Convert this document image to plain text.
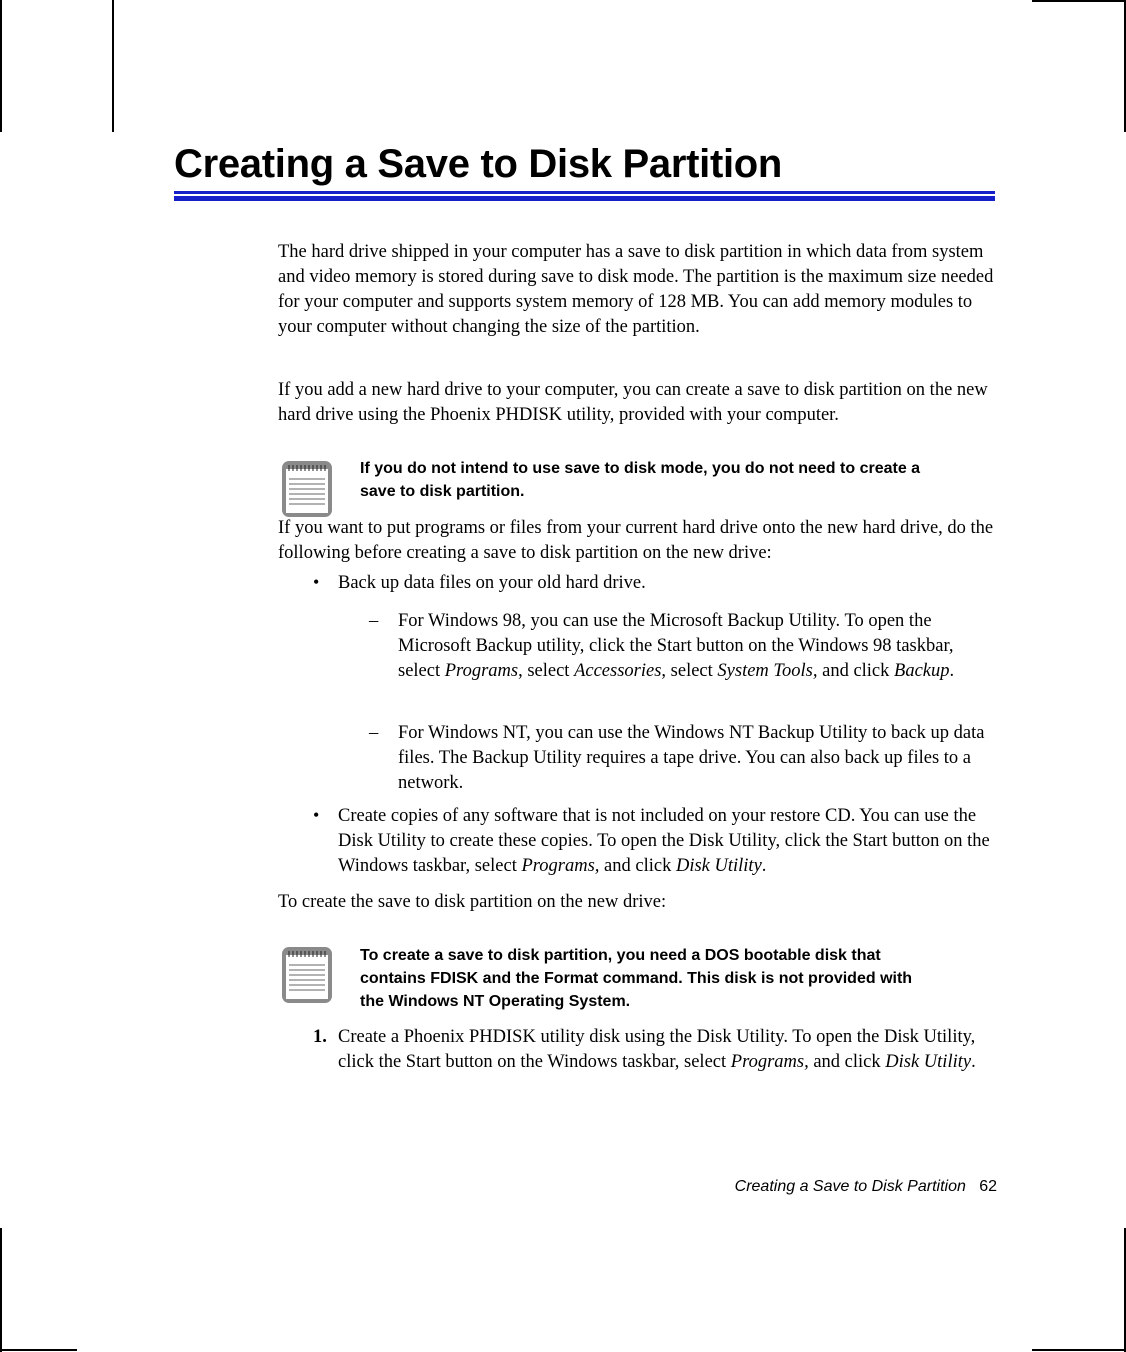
Creating a Save to Disk Partition

The hard drive shipped in your computer has a save to disk partition in which data from system and video memory is stored during save to disk mode. The partition is the maximum size needed for your computer and supports system memory of 128 MB. You can add memory modules to your computer without changing the size of the partition.

If you add a new hard drive to your computer, you can create a save to disk partition on the new hard drive using the Phoenix PHDISK utility, provided with your computer.

If you do not intend to use save to disk mode, you do not need to create a save to disk partition.

If you want to put programs or files from your current hard drive onto the new hard drive, do the following before creating a save to disk partition on the new drive:

• Back up data files on your old hard drive.

– For Windows 98, you can use the Microsoft Backup Utility. To open the Microsoft Backup utility, click the Start button on the Windows 98 taskbar, select Programs, select Accessories, select System Tools, and click Backup.

– For Windows NT, you can use the Windows NT Backup Utility to back up data files. The Backup Utility requires a tape drive. You can also back up files to a network.

• Create copies of any software that is not included on your restore CD. You can use the Disk Utility to create these copies. To open the Disk Utility, click the Start button on the Windows taskbar, select Programs, and click Disk Utility.

To create the save to disk partition on the new drive:

To create a save to disk partition, you need a DOS bootable disk that contains FDISK and the Format command. This disk is not provided with the Windows NT Operating System.

1. Create a Phoenix PHDISK utility disk using the Disk Utility. To open the Disk Utility, click the Start button on the Windows taskbar, select Programs, and click Disk Utility.

Creating a Save to Disk Partition 62
